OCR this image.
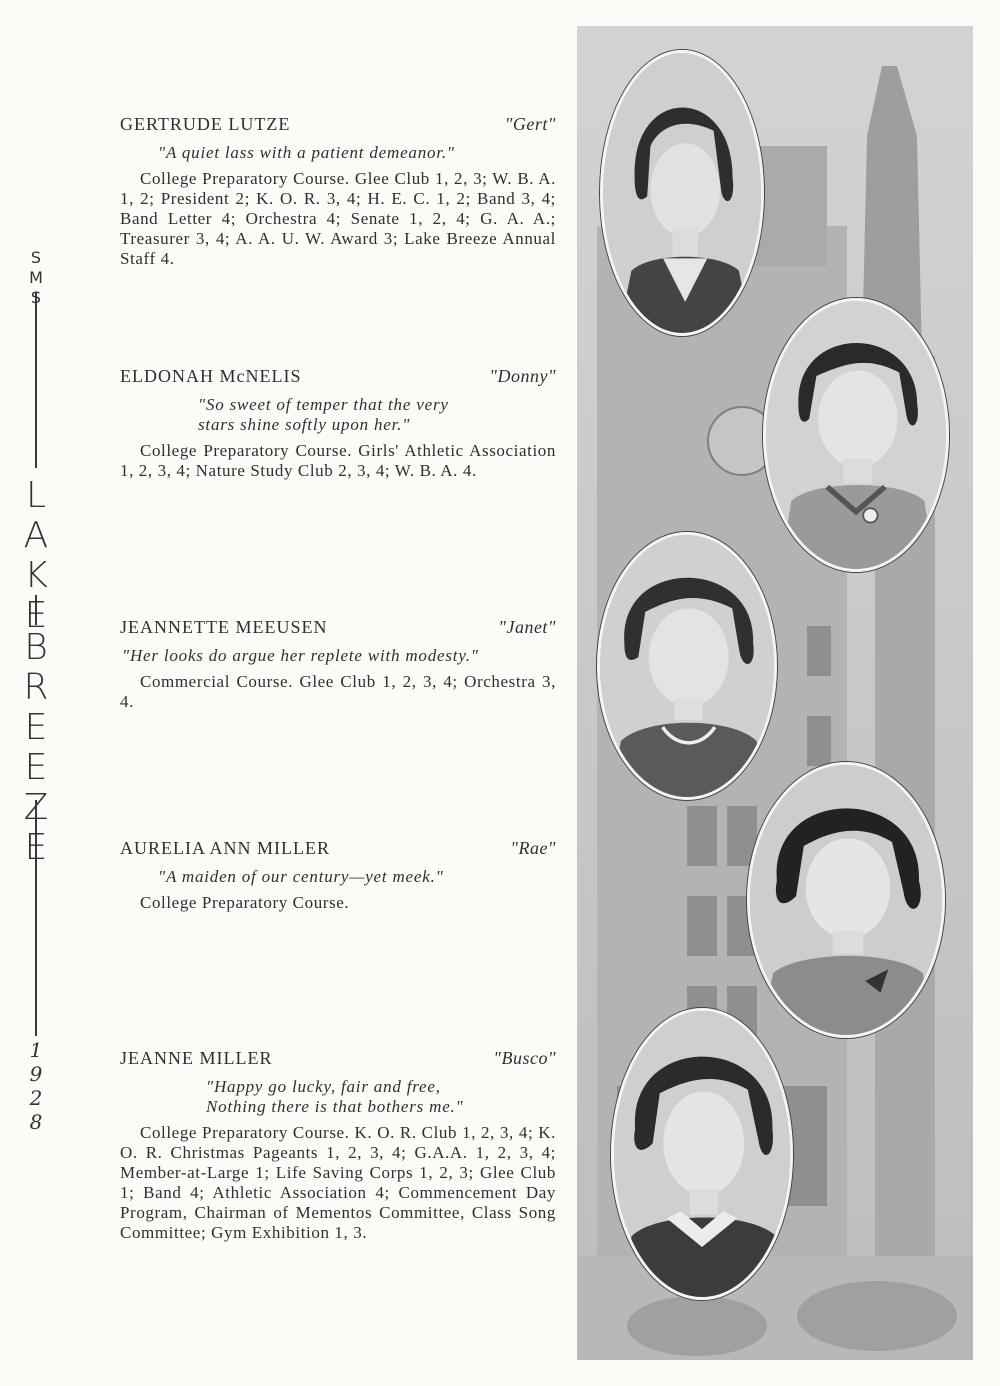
S
M
S
L
A
K
E
B
R
E
E
Z
E
1
9
2
8
GERTRUDE LUTZE	"Gert"
"A quiet lass with a patient demeanor."
College Preparatory Course. Glee Club 1, 2, 3; W. B. A. 1, 2; President 2; K. O. R. 3, 4; H. E. C. 1, 2; Band 3, 4; Band Letter 4; Orchestra 4; Senate 1, 2, 4; G. A. A.; Treasurer 3, 4; A. A. U. W. Award 3; Lake Breeze Annual Staff 4.
ELDONAH McNELIS	"Donny"
"So sweet of temper that the very
stars shine softly upon her."
College Preparatory Course. Girls' Athletic Association 1, 2, 3, 4; Nature Study Club 2, 3, 4; W. B. A. 4.
JEANNETTE MEEUSEN	"Janet"
"Her looks do argue her replete with modesty."
Commercial Course. Glee Club 1, 2, 3, 4; Orchestra 3, 4.
AURELIA ANN MILLER	"Rae"
"A maiden of our century—yet meek."
College Preparatory Course.
JEANNE MILLER	"Busco"
"Happy go lucky, fair and free,
Nothing there is that bothers me."
College Preparatory Course. K. O. R. Club 1, 2, 3, 4; K. O. R. Christmas Pageants 1, 2, 3, 4; G.A.A. 1, 2, 3, 4; Member-at-Large 1; Life Saving Corps 1, 2, 3; Glee Club 1; Band 4; Athletic Association 4; Commencement Day Program, Chairman of Mementos Committee, Class Song Committee; Gym Exhibition 1, 3.
